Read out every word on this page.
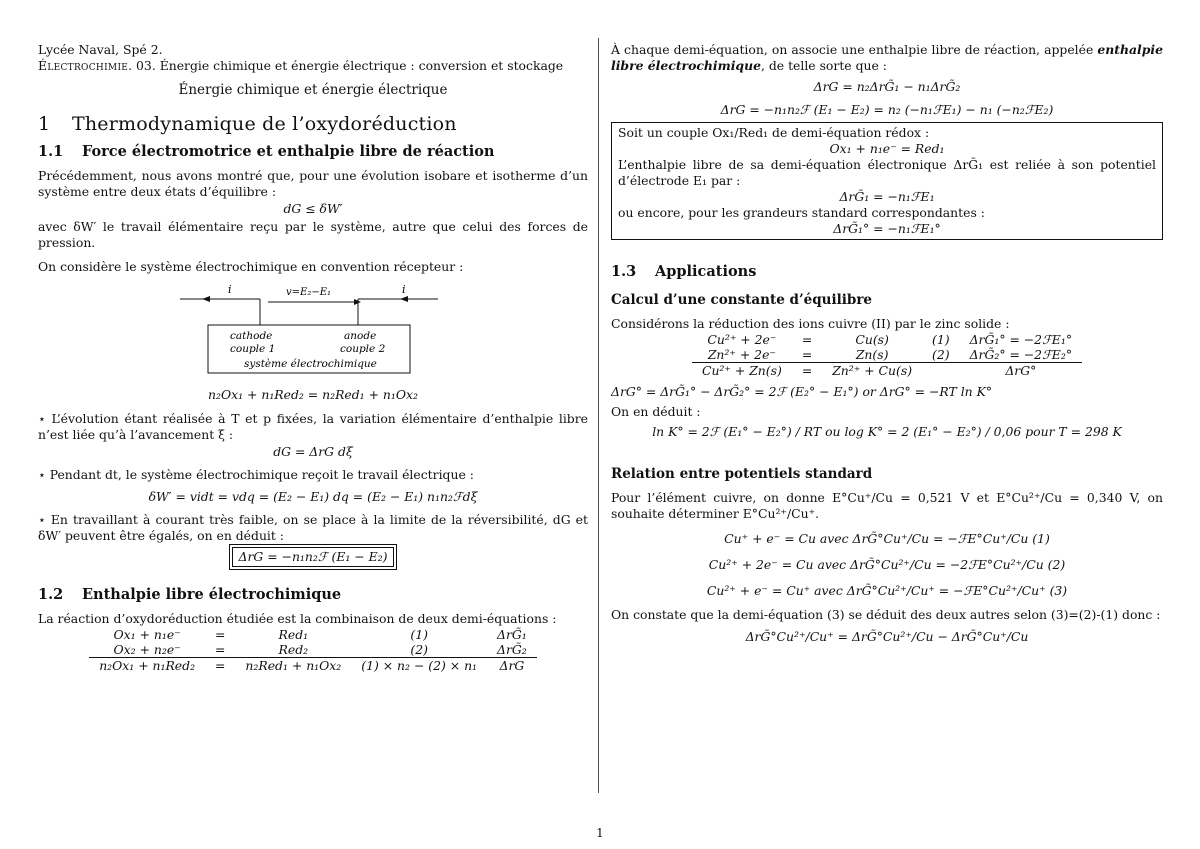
Lycée Naval, Spé 2.

Électrochimie. 03. Énergie chimique et énergie électrique : conversion et stockage

Énergie chimique et énergie électrique

1 Thermodynamique de l’oxydoréduction
1.1 Force électromotrice et enthalpie libre de réaction

Précédemment, nous avons montré que, pour une évolution isobare et isotherme d’un système entre deux états d’équilibre :

dG ≤ δW′

avec δW′ le travail élémentaire reçu par le système, autre que celui des forces de pression.

On considère le système électrochimique en convention récepteur :

i	i
v=E₂−E₁
cathode
couple 1
anode
couple 2
système électrochimique

n₂Ox₁ + n₁Red₂ = n₂Red₁ + n₁Ox₂

⋆ L’évolution étant réalisée à T et p fixées, la variation élémentaire d’enthalpie libre n’est liée qu’à l’avancement ξ :

dG = ΔrG dξ

⋆ Pendant dt, le système électrochimique reçoit le travail électrique :

δW′ = vidt = vdq = (E₂ − E₁) dq = (E₂ − E₁) n₁n₂ℱdξ

⋆ En travaillant à courant très faible, on se place à la limite de la réversibilité, dG et δW′ peuvent être égalés, on en déduit :

ΔrG = −n₁n₂ℱ (E₁ − E₂)

1.2 Enthalpie libre électrochimique

La réaction d’oxydoréduction étudiée est la combinaison de deux demi-équations :

Ox₁ + n₁e⁻	=	Red₁	(1)	ΔrG̃₁
Ox₂ + n₂e⁻	=	Red₂	(2)	ΔrG̃₂
n₂Ox₁ + n₁Red₂	=	n₂Red₁ + n₁Ox₂	(1) × n₂ − (2) × n₁	ΔrG

À chaque demi-équation, on associe une enthalpie libre de réaction, appelée enthalpie libre électrochimique, de telle sorte que :

ΔrG = n₂ΔrG̃₁ − n₁ΔrG̃₂

ΔrG = −n₁n₂ℱ (E₁ − E₂) = n₂ (−n₁ℱE₁) − n₁ (−n₂ℱE₂)

Soit un couple Ox₁/Red₁ de demi-équation rédox :

Ox₁ + n₁e⁻ = Red₁

L’enthalpie libre de sa demi-équation électronique ΔrG̃₁ est reliée à son potentiel d’électrode E₁ par :

ΔrG̃₁ = −n₁ℱE₁

ou encore, pour les grandeurs standard correspondantes :

ΔrG̃₁° = −n₁ℱE₁°

1.3 Applications
Calcul d’une constante d’équilibre

Considérons la réduction des ions cuivre (II) par le zinc solide :

Cu²⁺ + 2e⁻	=	Cu(s)	(1)	ΔrG̃₁° = −2ℱE₁°
Zn²⁺ + 2e⁻	=	Zn(s)	(2)	ΔrG̃₂° = −2ℱE₂°
Cu²⁺ + Zn(s)	=	Zn²⁺ + Cu(s)		ΔrG°

ΔrG° = ΔrG̃₁° − ΔrG̃₂° = 2ℱ (E₂° − E₁°) or ΔrG° = −RT ln K°

On en déduit :

ln K° = 2ℱ (E₁° − E₂°) / RT ou log K° = 2 (E₁° − E₂°) / 0,06 pour T = 298 K

Relation entre potentiels standard

Pour l’élément cuivre, on donne E°Cu⁺/Cu = 0,521 V et E°Cu²⁺/Cu = 0,340 V, on souhaite déterminer E°Cu²⁺/Cu⁺.

Cu⁺ + e⁻ = Cu avec ΔrG̃°Cu⁺/Cu = −ℱE°Cu⁺/Cu (1)

Cu²⁺ + 2e⁻ = Cu avec ΔrG̃°Cu²⁺/Cu = −2ℱE°Cu²⁺/Cu (2)

Cu²⁺ + e⁻ = Cu⁺ avec ΔrG̃°Cu²⁺/Cu⁺ = −ℱE°Cu²⁺/Cu⁺ (3)

On constate que la demi-équation (3) se déduit des deux autres selon (3)=(2)-(1) donc :

ΔrG̃°Cu²⁺/Cu⁺ = ΔrG̃°Cu²⁺/Cu − ΔrG̃°Cu⁺/Cu

1
